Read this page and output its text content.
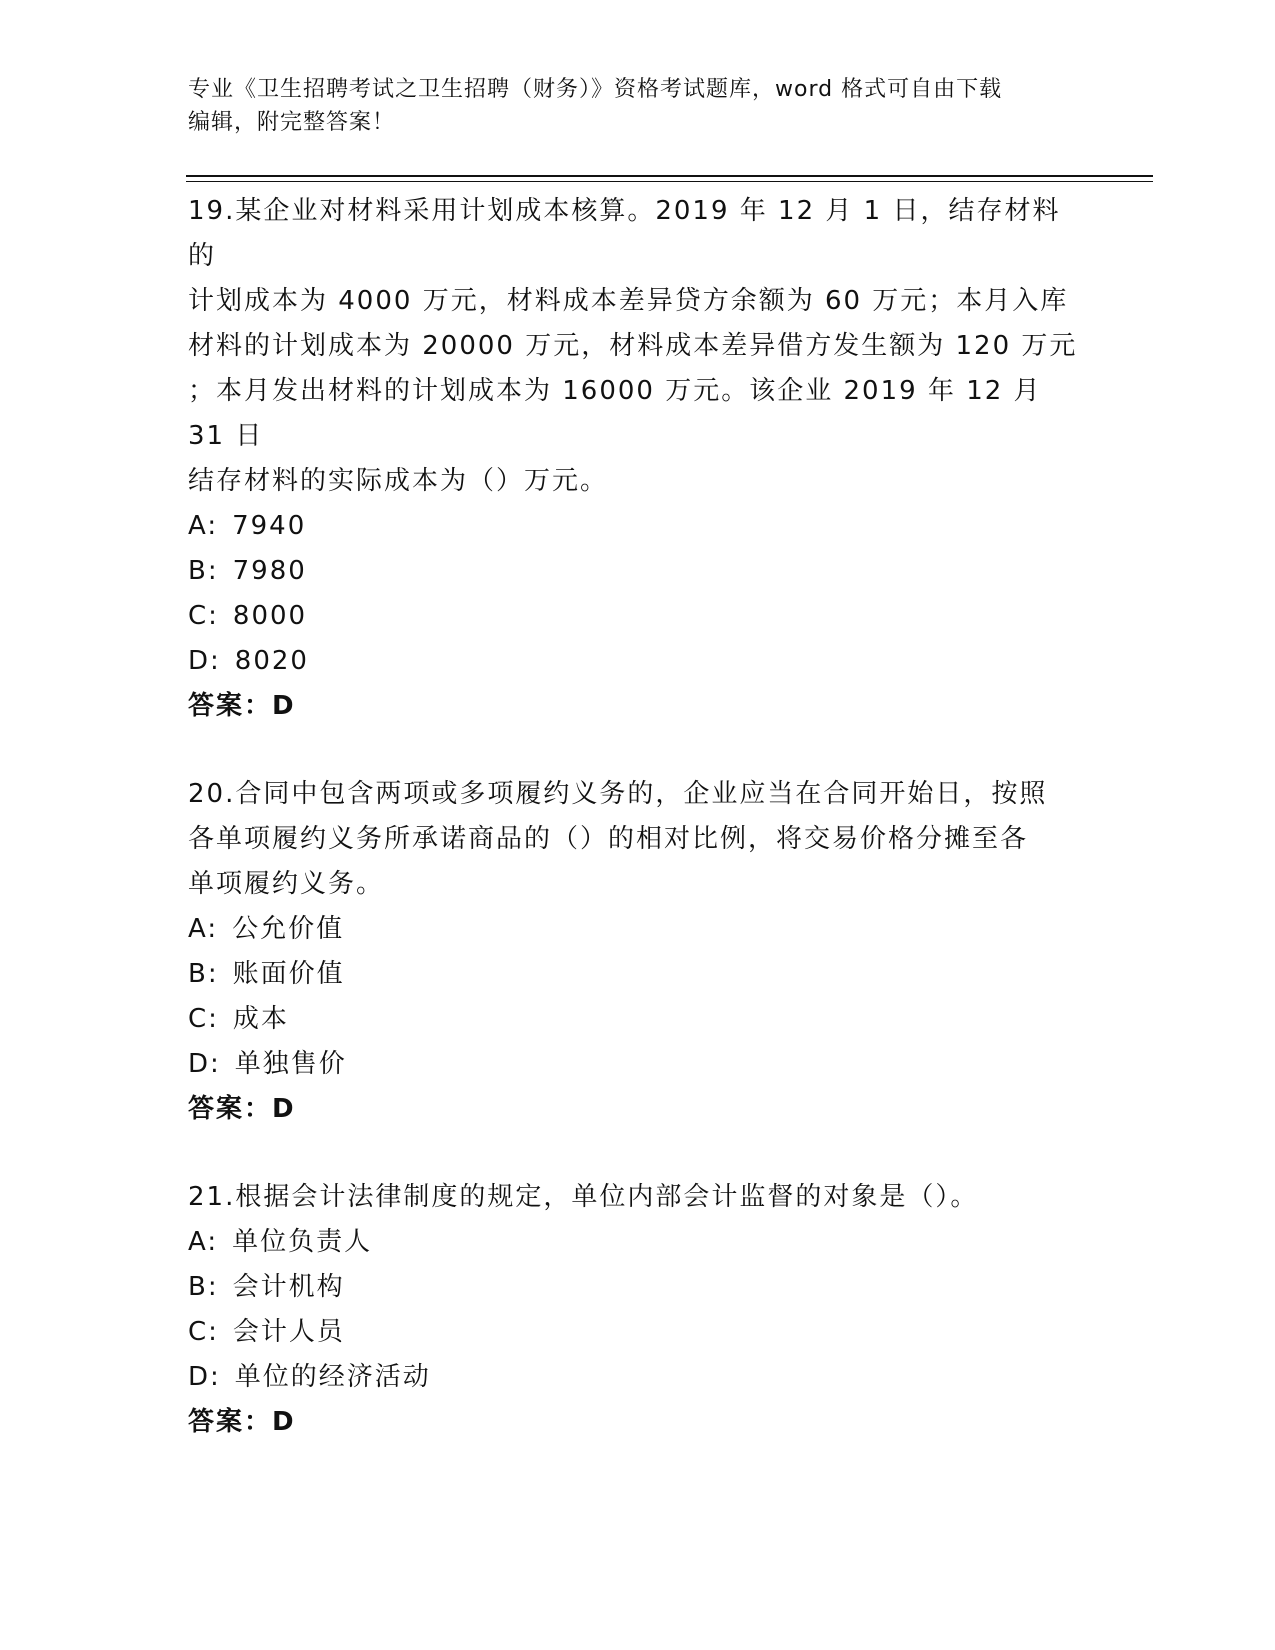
专业《卫生招聘考试之卫生招聘（财务）》资格考试题库，word 格式可自由下载
编辑，附完整答案！

19.某企业对材料采用计划成本核算。2019 年 12 月 1 日，结存材料的

计划成本为 4000 万元，材料成本差异贷方余额为 60 万元；本月入库

材料的计划成本为 20000 万元，材料成本差异借方发生额为 120 万元

；本月发出材料的计划成本为 16000 万元。该企业 2019 年 12 月 31 日

结存材料的实际成本为（）万元。

A: 7940

B: 7980

C: 8000

D: 8020

答案：D

20.合同中包含两项或多项履约义务的，企业应当在合同开始日，按照

各单项履约义务所承诺商品的（）的相对比例，将交易价格分摊至各

单项履约义务。

A: 公允价值

B: 账面价值

C: 成本

D: 单独售价

答案：D

21.根据会计法律制度的规定，单位内部会计监督的对象是（）。

A: 单位负责人

B: 会计机构

C: 会计人员

D: 单位的经济活动

答案：D
